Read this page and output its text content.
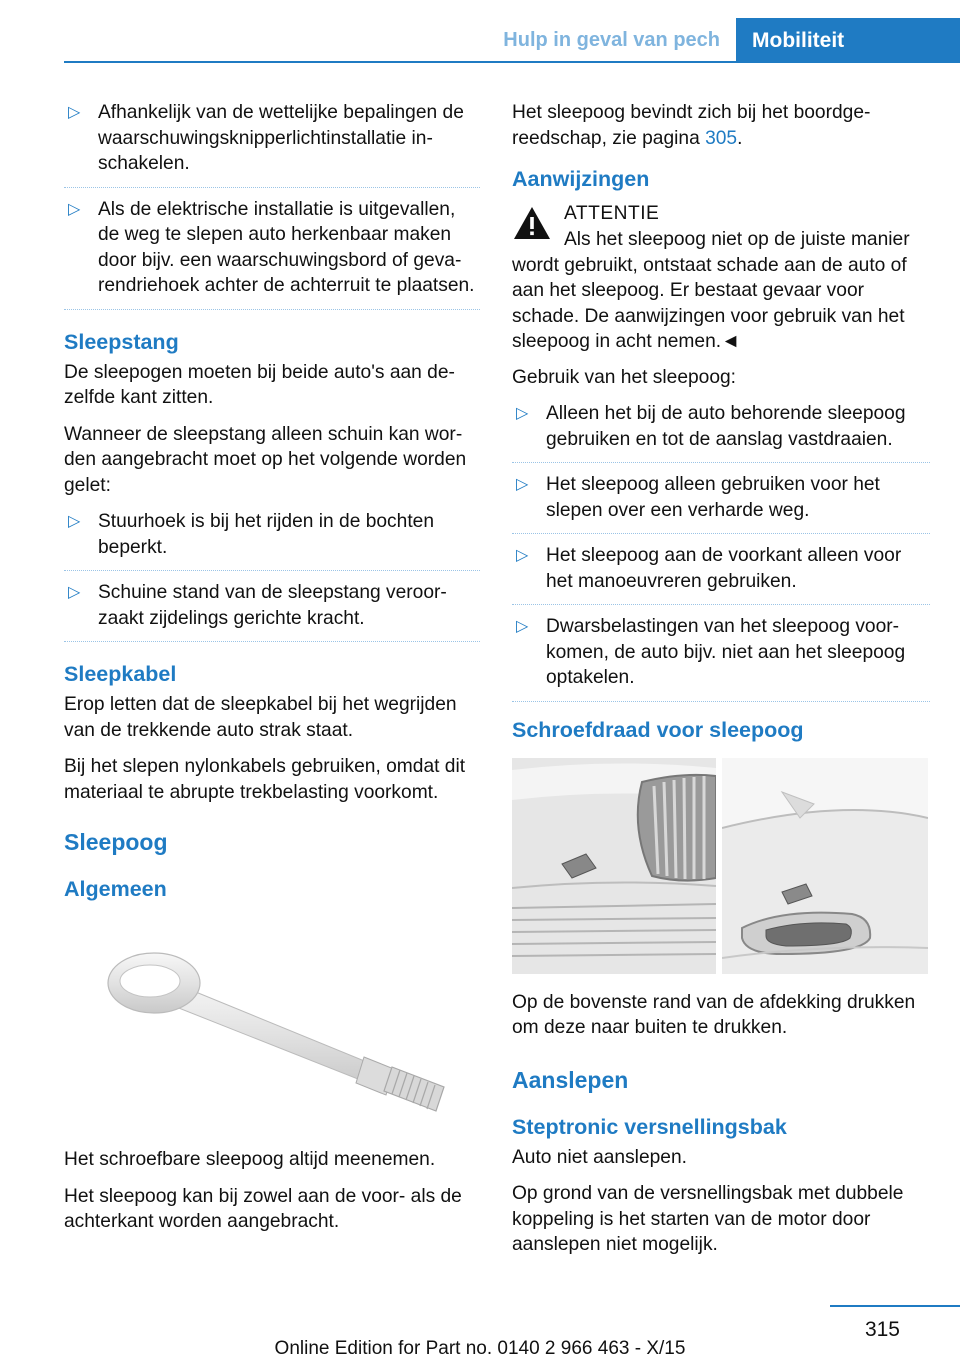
Hulp in geval van pech	Mobiliteit
▷ Afhankelijk van de wettelijke bepalingen de waarschuwingsknipperlichtinstallatie inschakelen.
▷ Als de elektrische installatie is uitgevallen, de weg te slepen auto herkenbaar maken door bijv. een waarschuwingsbord of gevarendriehoek achter de achterruit te plaatsen.
Sleepstang

De sleepogen moeten bij beide auto's aan dezelfde kant zitten.

Wanneer de sleepstang alleen schuin kan worden aangebracht moet op het volgende worden gelet:

▷ Stuurhoek is bij het rijden in de bochten beperkt.
▷ Schuine stand van de sleepstang veroorzaakt zijdelings gerichte kracht.
Sleepkabel

Erop letten dat de sleepkabel bij het wegrijden van de trekkende auto strak staat.

Bij het slepen nylonkabels gebruiken, omdat dit materiaal te abrupte trekbelasting voorkomt.

Sleepoog
Algemeen

Het schroefbare sleepoog altijd meenemen.

Het sleepoog kan bij zowel aan de voor- als de achterkant worden aangebracht.

Het sleepoog bevindt zich bij het boordgereedschap, zie pagina 305.

Aanwijzingen
ATTENTIE

Als het sleepoog niet op de juiste manier wordt gebruikt, ontstaat schade aan de auto of aan het sleepoog. Er bestaat gevaar voor schade. De aanwijzingen voor gebruik van het sleepoog in acht nemen.◄

Gebruik van het sleepoog:

▷ Alleen het bij de auto behorende sleepoog gebruiken en tot de aanslag vastdraaien.
▷ Het sleepoog alleen gebruiken voor het slepen over een verharde weg.
▷ Het sleepoog aan de voorkant alleen voor het manoeuvreren gebruiken.
▷ Dwarsbelastingen van het sleepoog voorkomen, de auto bijv. niet aan het sleepoog optakelen.
Schroefdraad voor sleepoog

Op de bovenste rand van de afdekking drukken om deze naar buiten te drukken.

Aanslepen
Steptronic versnellingsbak

Auto niet aanslepen.

Op grond van de versnellingsbak met dubbele koppeling is het starten van de motor door aanslepen niet mogelijk.

315
Online Edition for Part no. 0140 2 966 463 - X/15
